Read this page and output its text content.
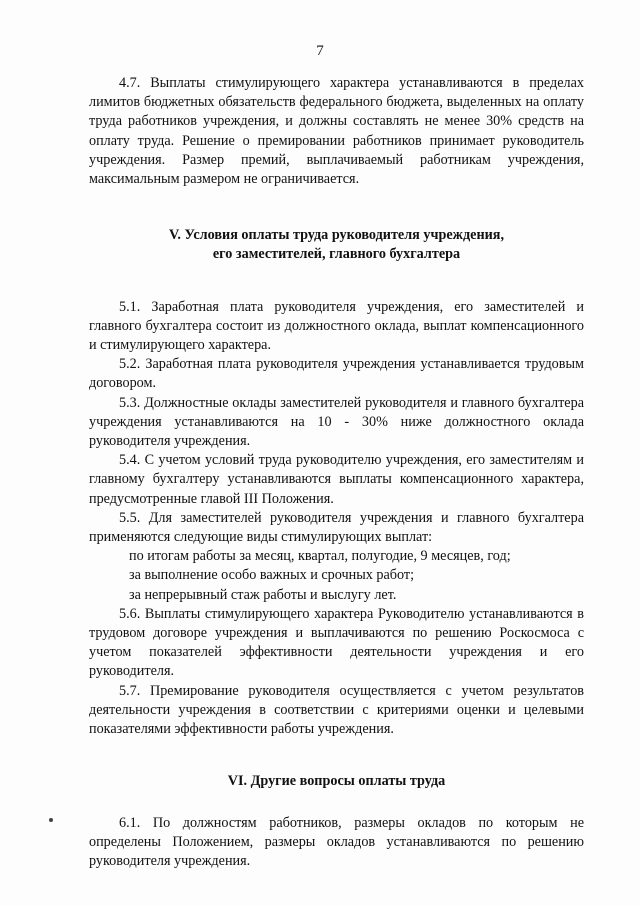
7

4.7. Выплаты стимулирующего характера устанавливаются в пределах лимитов бюджетных обязательств федерального бюджета, выделенных на оплату труда работников учреждения, и должны составлять не менее 30% средств на оплату труда. Решение о премировании работников принимает руководитель учреждения. Размер премий, выплачиваемый работникам учреждения, максимальным размером не ограничивается.

V. Условия оплаты труда руководителя учреждения,
его заместителей, главного бухгалтера

5.1. Заработная плата руководителя учреждения, его заместителей и главного бухгалтера состоит из должностного оклада, выплат компенсационного и стимулирующего характера.

5.2. Заработная плата руководителя учреждения устанавливается трудовым договором.

5.3. Должностные оклады заместителей руководителя и главного бухгалтера учреждения устанавливаются на 10 - 30% ниже должностного оклада руководителя учреждения.

5.4. С учетом условий труда руководителю учреждения, его заместителям и главному бухгалтеру устанавливаются выплаты компенсационного характера, предусмотренные главой III Положения.

5.5. Для заместителей руководителя учреждения и главного бухгалтера применяются следующие виды стимулирующих выплат:

по итогам работы за месяц, квартал, полугодие, 9 месяцев, год;

за выполнение особо важных и срочных работ;

за непрерывный стаж работы и выслугу лет.

5.6. Выплаты стимулирующего характера Руководителю устанавливаются в трудовом договоре учреждения и выплачиваются по решению Роскосмоса с учетом показателей эффективности деятельности учреждения и его руководителя.

5.7. Премирование руководителя осуществляется с учетом результатов деятельности учреждения в соответствии с критериями оценки и целевыми показателями эффективности работы учреждения.

VI. Другие вопросы оплаты труда

6.1. По должностям работников, размеры окладов по которым не определены Положением, размеры окладов устанавливаются по решению руководителя учреждения.
